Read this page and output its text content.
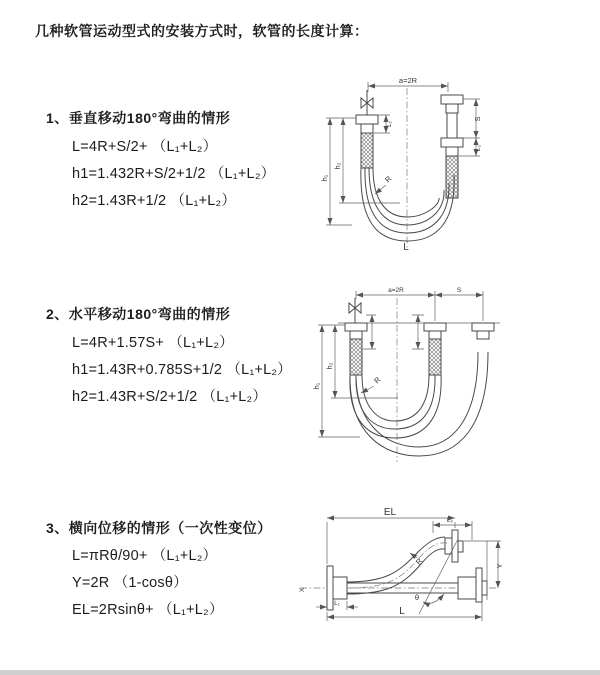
几种软管运动型式的安装方式时，软管的长度计算：
1、垂直移动180°弯曲的情形
L=4R+S/2+ （L₁+L₂）
h1=1.432R+S/2+1/2 （L₁+L₂）
h2=1.43R+1/2 （L₁+L₂）
2、水平移动180°弯曲的情形
L=4R+1.57S+ （L₁+L₂）
h1=1.43R+0.785S+1/2 （L₁+L₂）
h2=1.43R+S/2+1/2 （L₁+L₂）
3、横向位移的情形（一次性变位）
L=πRθ/90+ （L₁+L₂）
Y=2R （1-cosθ）
EL=2Rsinθ+ （L₁+L₂）
a=2R
h₁
h₂
L₁
S
L₂
R
L
a=2R	S
h₁
h₂
R
θ
R
EL
L₂
Y
L
L₁
X
